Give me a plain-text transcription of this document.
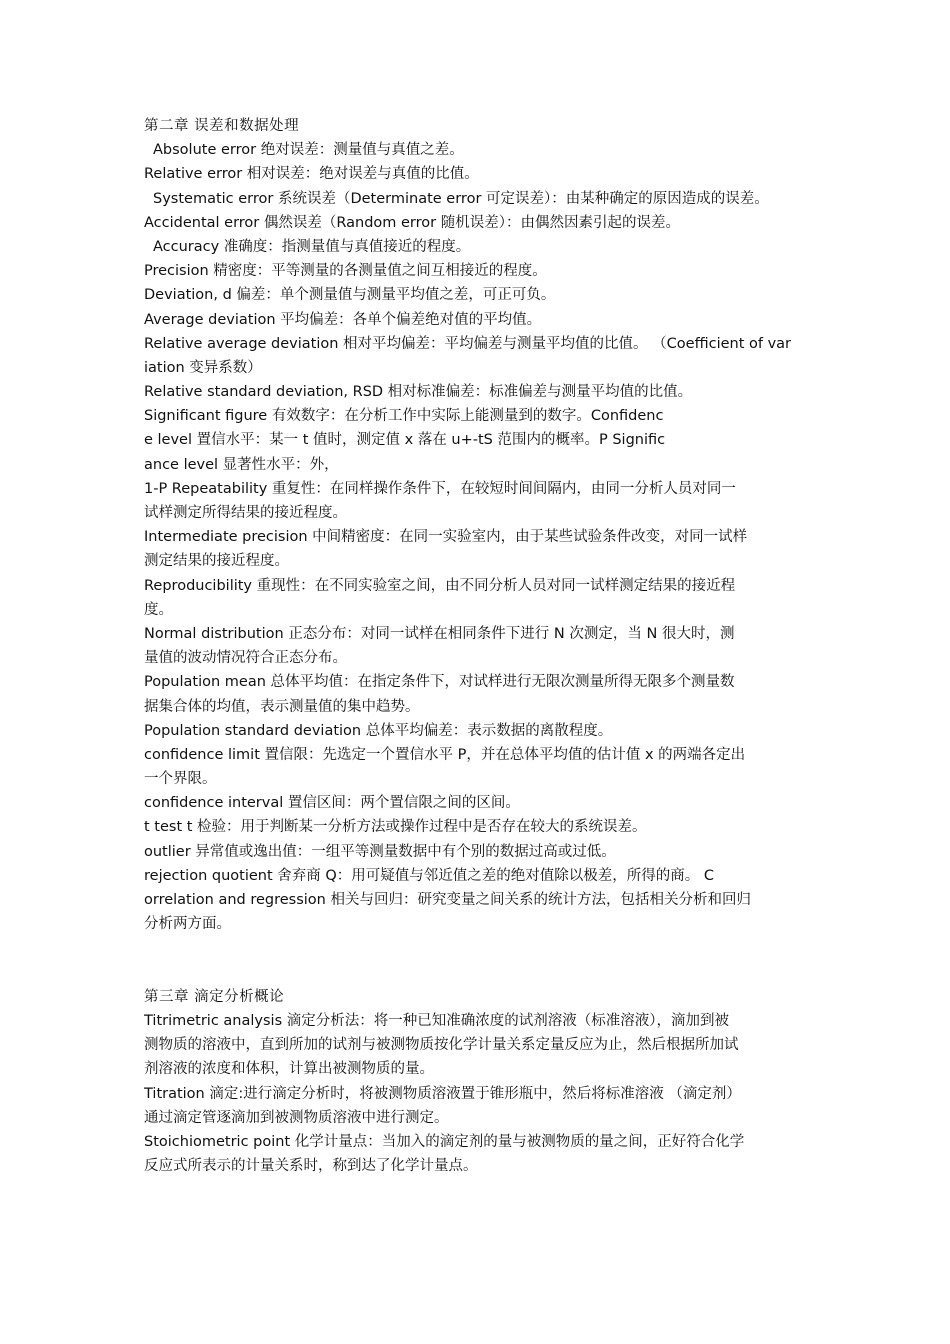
第二章 误差和数据处理
Absolute error 绝对误差：测量值与真值之差。
Relative error 相对误差：绝对误差与真值的比值。
Systematic error 系统误差（Determinate error 可定误差）：由某种确定的原因造成的误差。
Accidental error 偶然误差（Random error 随机误差）：由偶然因素引起的误差。
Accuracy 准确度：指测量值与真值接近的程度。
Precision 精密度：平等测量的各测量值之间互相接近的程度。
Deviation, d 偏差：单个测量值与测量平均值之差，可正可负。
Average deviation 平均偏差：各单个偏差绝对值的平均值。
Relative average deviation 相对平均偏差：平均偏差与测量平均值的比值。 （Coefficient of var
iation 变异系数）
Relative standard deviation, RSD 相对标准偏差：标准偏差与测量平均值的比值。
Significant figure 有效数字：在分析工作中实际上能测量到的数字。Confidenc
e level 置信水平：某一 t 值时，测定值 x 落在 u+-tS 范围内的概率。P Signific
ance level 显著性水平：外，
1-P Repeatability 重复性：在同样操作条件下，在较短时间间隔内，由同一分析人员对同一
试样测定所得结果的接近程度。
Intermediate precision 中间精密度：在同一实验室内，由于某些试验条件改变，对同一试样
测定结果的接近程度。
Reproducibility 重现性：在不同实验室之间，由不同分析人员对同一试样测定结果的接近程
度。
Normal distribution 正态分布：对同一试样在相同条件下进行 N 次测定，当 N 很大时，测
量值的波动情况符合正态分布。
Population mean 总体平均值：在指定条件下，对试样进行无限次测量所得无限多个测量数
据集合体的均值，表示测量值的集中趋势。
Population standard deviation 总体平均偏差：表示数据的离散程度。
confidence limit 置信限：先选定一个置信水平 P，并在总体平均值的估计值 x 的两端各定出
一个界限。
confidence interval 置信区间：两个置信限之间的区间。
t test t 检验：用于判断某一分析方法或操作过程中是否存在较大的系统误差。
outlier 异常值或逸出值：一组平等测量数据中有个别的数据过高或过低。
rejection quotient 舍弃商 Q：用可疑值与邻近值之差的绝对值除以极差，所得的商。 C
orrelation and regression 相关与回归：研究变量之间关系的统计方法，包括相关分析和回归
分析两方面。
第三章 滴定分析概论
Titrimetric analysis 滴定分析法：将一种已知准确浓度的试剂溶液（标准溶液），滴加到被
测物质的溶液中，直到所加的试剂与被测物质按化学计量关系定量反应为止，然后根据所加试
剂溶液的浓度和体积，计算出被测物质的量。
Titration 滴定:进行滴定分析时，将被测物质溶液置于锥形瓶中，然后将标准溶液 （滴定剂）
通过滴定管逐滴加到被测物质溶液中进行测定。
Stoichiometric point 化学计量点：当加入的滴定剂的量与被测物质的量之间，正好符合化学
反应式所表示的计量关系时，称到达了化学计量点。
